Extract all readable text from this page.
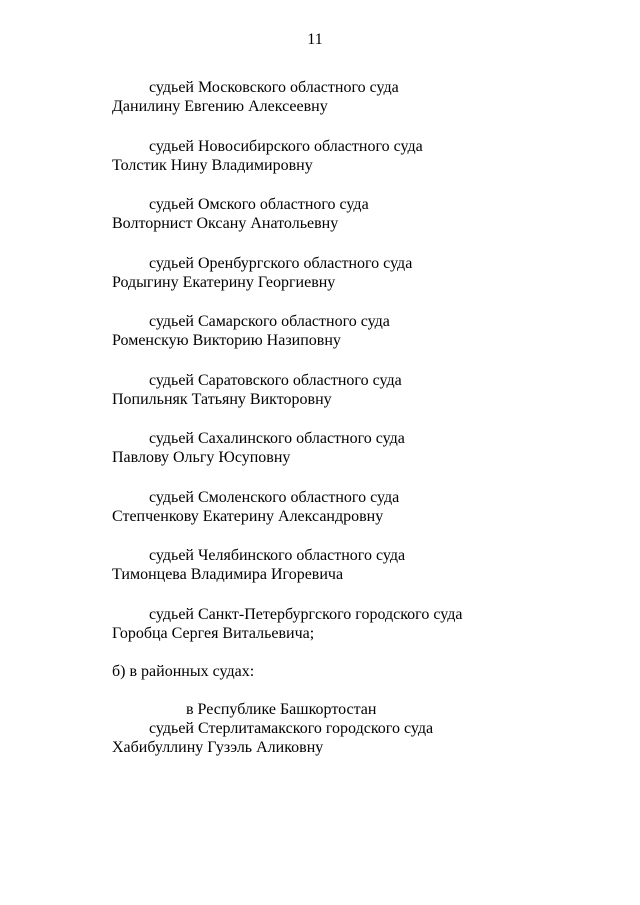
11
судьей Московского областного суда
Данилину Евгению Алексеевну
судьей Новосибирского областного суда
Толстик Нину Владимировну
судьей Омского областного суда
Волторнист Оксану Анатольевну
судьей Оренбургского областного суда
Родыгину Екатерину Георгиевну
судьей Самарского областного суда
Роменскую Викторию Назиповну
судьей Саратовского областного суда
Попильняк Татьяну Викторовну
судьей Сахалинского областного суда
Павлову Ольгу Юсуповну
судьей Смоленского областного суда
Степченкову Екатерину Александровну
судьей Челябинского областного суда
Тимонцева Владимира Игоревича
судьей Санкт-Петербургского городского суда
Горобца Сергея Витальевича;
б) в районных судах:
в Республике Башкортостан
судьей Стерлитамакского городского суда
Хабибуллину Гузэль Аликовну
